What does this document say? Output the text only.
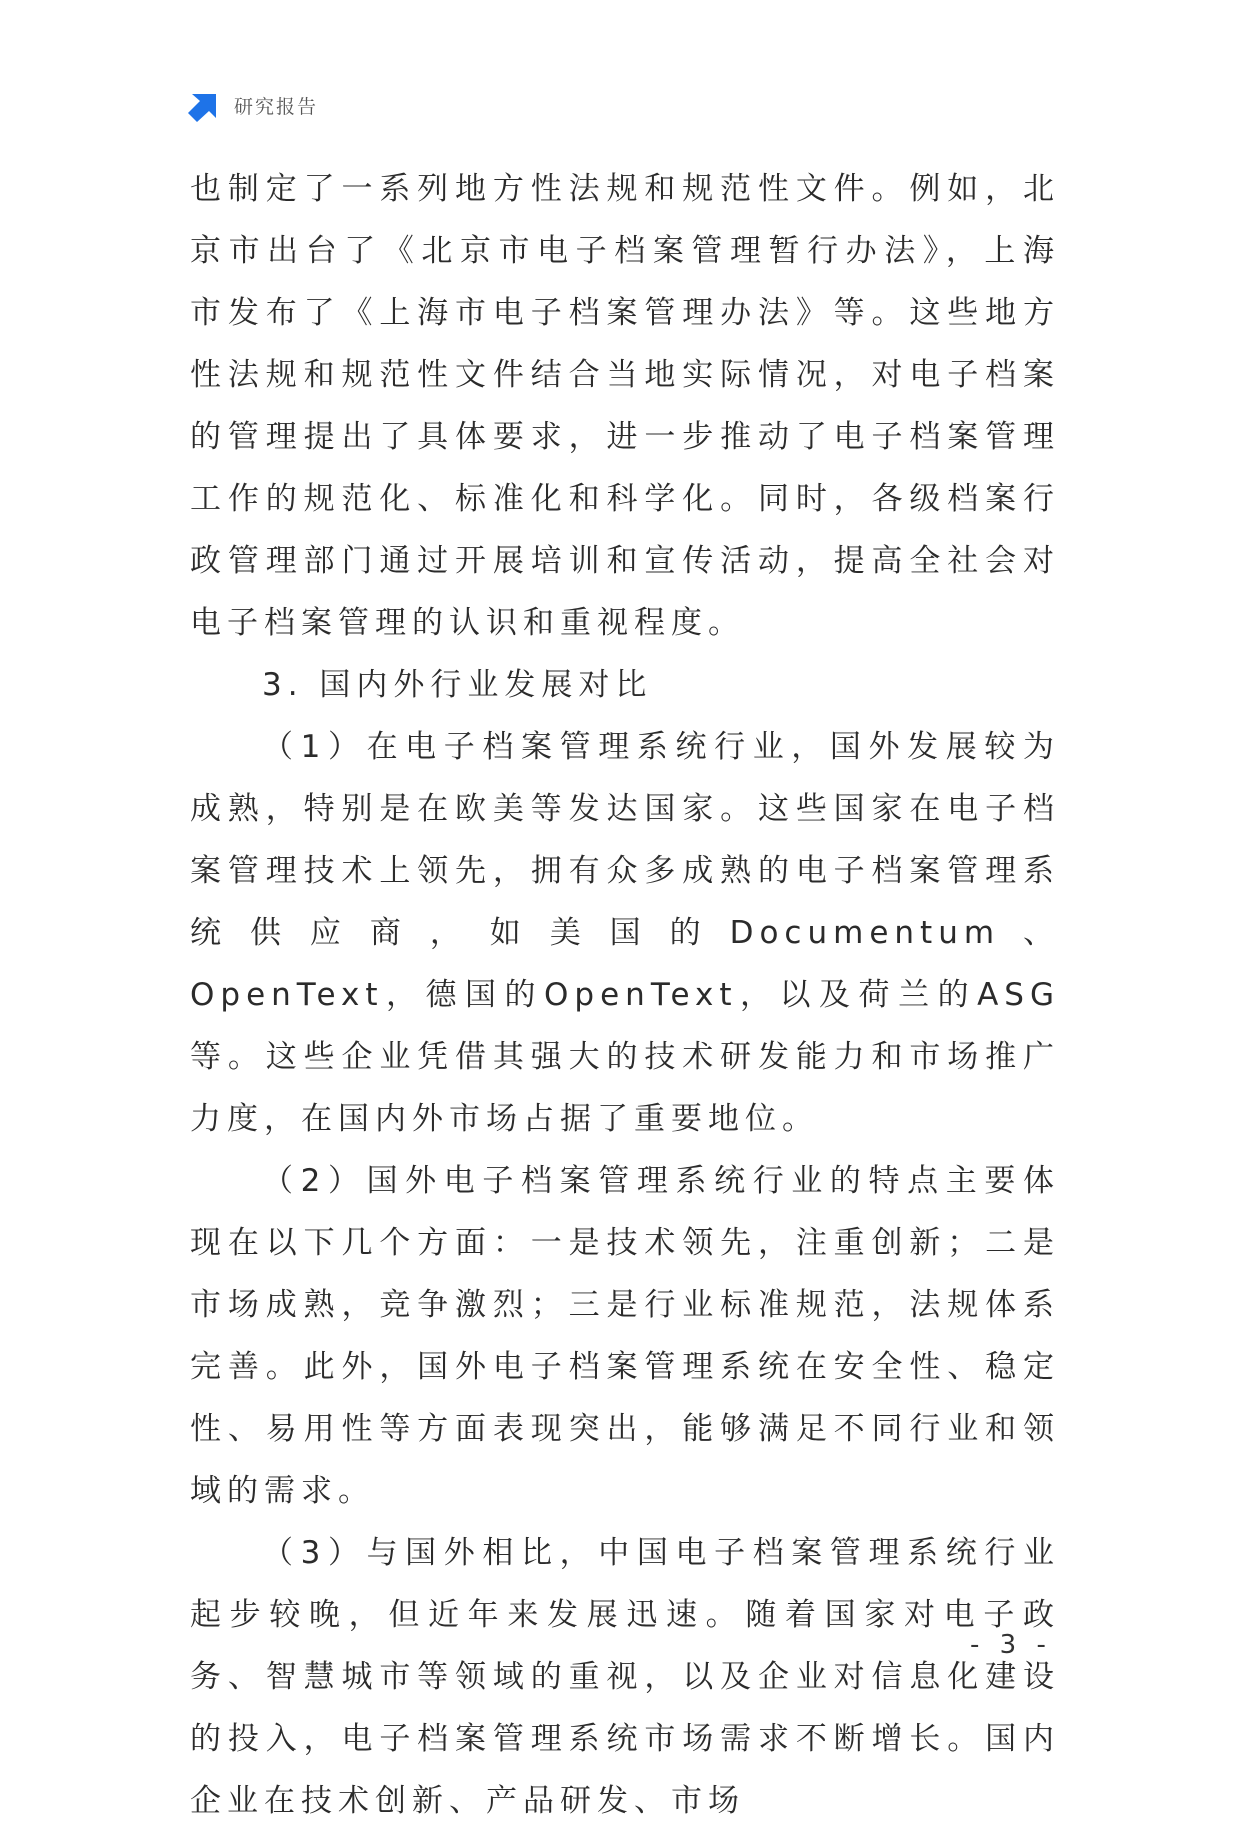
研究报告

也制定了一系列地方性法规和规范性文件。例如，北京市出台了《北京市电子档案管理暂行办法》，上海市发布了《上海市电子档案管理办法》等。这些地方性法规和规范性文件结合当地实际情况，对电子档案的管理提出了具体要求，进一步推动了电子档案管理工作的规范化、标准化和科学化。同时，各级档案行政管理部门通过开展培训和宣传活动，提高全社会对电子档案管理的认识和重视程度。

3. 国内外行业发展对比

（1）在电子档案管理系统行业，国外发展较为成熟，特别是在欧美等发达国家。这些国家在电子档案管理技术上领先，拥有众多成熟的电子档案管理系统供应商，如美国的Documentum、OpenText，德国的OpenText，以及荷兰的ASG等。这些企业凭借其强大的技术研发能力和市场推广力度，在国内外市场占据了重要地位。

（2）国外电子档案管理系统行业的特点主要体现在以下几个方面：一是技术领先，注重创新；二是市场成熟，竞争激烈；三是行业标准规范，法规体系完善。此外，国外电子档案管理系统在安全性、稳定性、易用性等方面表现突出，能够满足不同行业和领域的需求。

（3）与国外相比，中国电子档案管理系统行业起步较晚，但近年来发展迅速。随着国家对电子政务、智慧城市等领域的重视，以及企业对信息化建设的投入，电子档案管理系统市场需求不断增长。国内企业在技术创新、产品研发、市场

- 3 -
